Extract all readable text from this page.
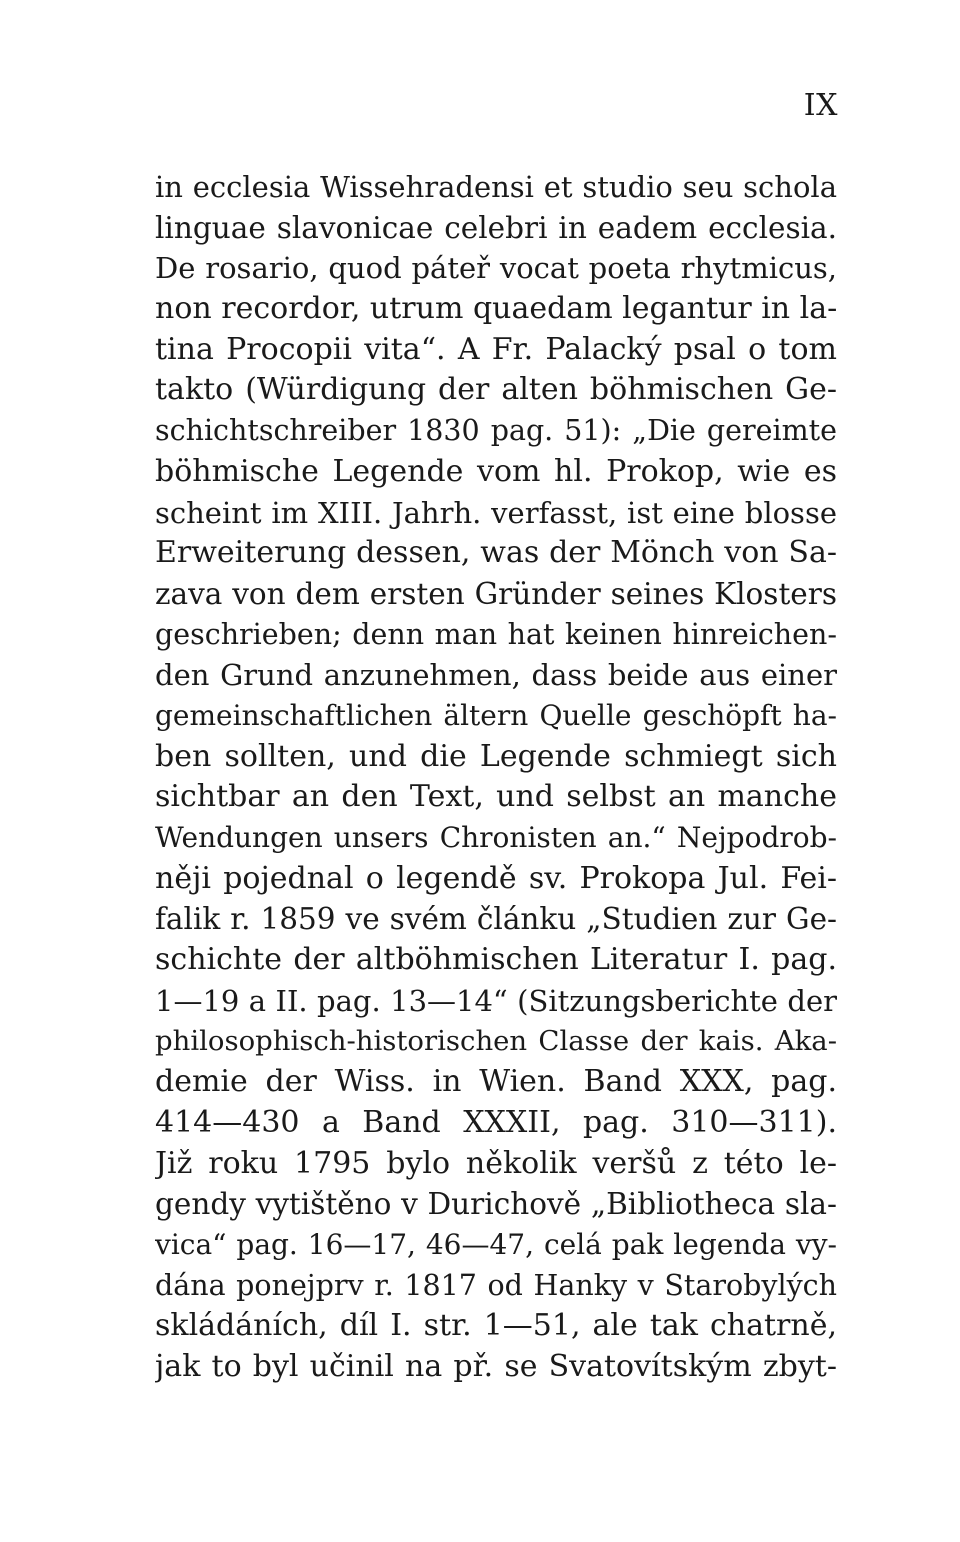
IX
in ecclesia Wissehradensi et studio seu schola
linguae slavonicae celebri in eadem ecclesia.
De rosario, quod páteř vocat poeta rhytmicus,
non recordor, utrum quaedam legantur in la-
tina Procopii vita“. A Fr. Palacký psal o tom
takto (Würdigung der alten böhmischen Ge-
schichtschreiber 1830 pag. 51): „Die gereimte
böhmische Legende vom hl. Prokop, wie es
scheint im XIII. Jahrh. verfasst, ist eine blosse
Erweiterung dessen, was der Mönch von Sa-
zava von dem ersten Gründer seines Klosters
geschrieben; denn man hat keinen hinreichen-
den Grund anzunehmen, dass beide aus einer
gemeinschaftlichen ältern Quelle geschöpft ha-
ben sollten, und die Legende schmiegt sich
sichtbar an den Text, und selbst an manche
Wendungen unsers Chronisten an.“ Nejpodrob-
něji pojednal o legendě sv. Prokopa Jul. Fei-
falik r. 1859 ve svém článku „Studien zur Ge-
schichte der altböhmischen Literatur I. pag.
1—19 a II. pag. 13—14“ (Sitzungsberichte der
philosophisch-historischen Classe der kais. Aka-
demie der Wiss. in Wien. Band XXX, pag.
414—430 a Band XXXII, pag. 310—311).
Již roku 1795 bylo několik veršů z této le-
gendy vytištěno v Durichově „Bibliotheca sla-
vica“ pag. 16—17, 46—47, celá pak legenda vy-
dána ponejprv r. 1817 od Hanky v Starobylých
skládáních, díl I. str. 1—51, ale tak chatrně,
jak to byl učinil na př. se Svatovítským zbyt-
